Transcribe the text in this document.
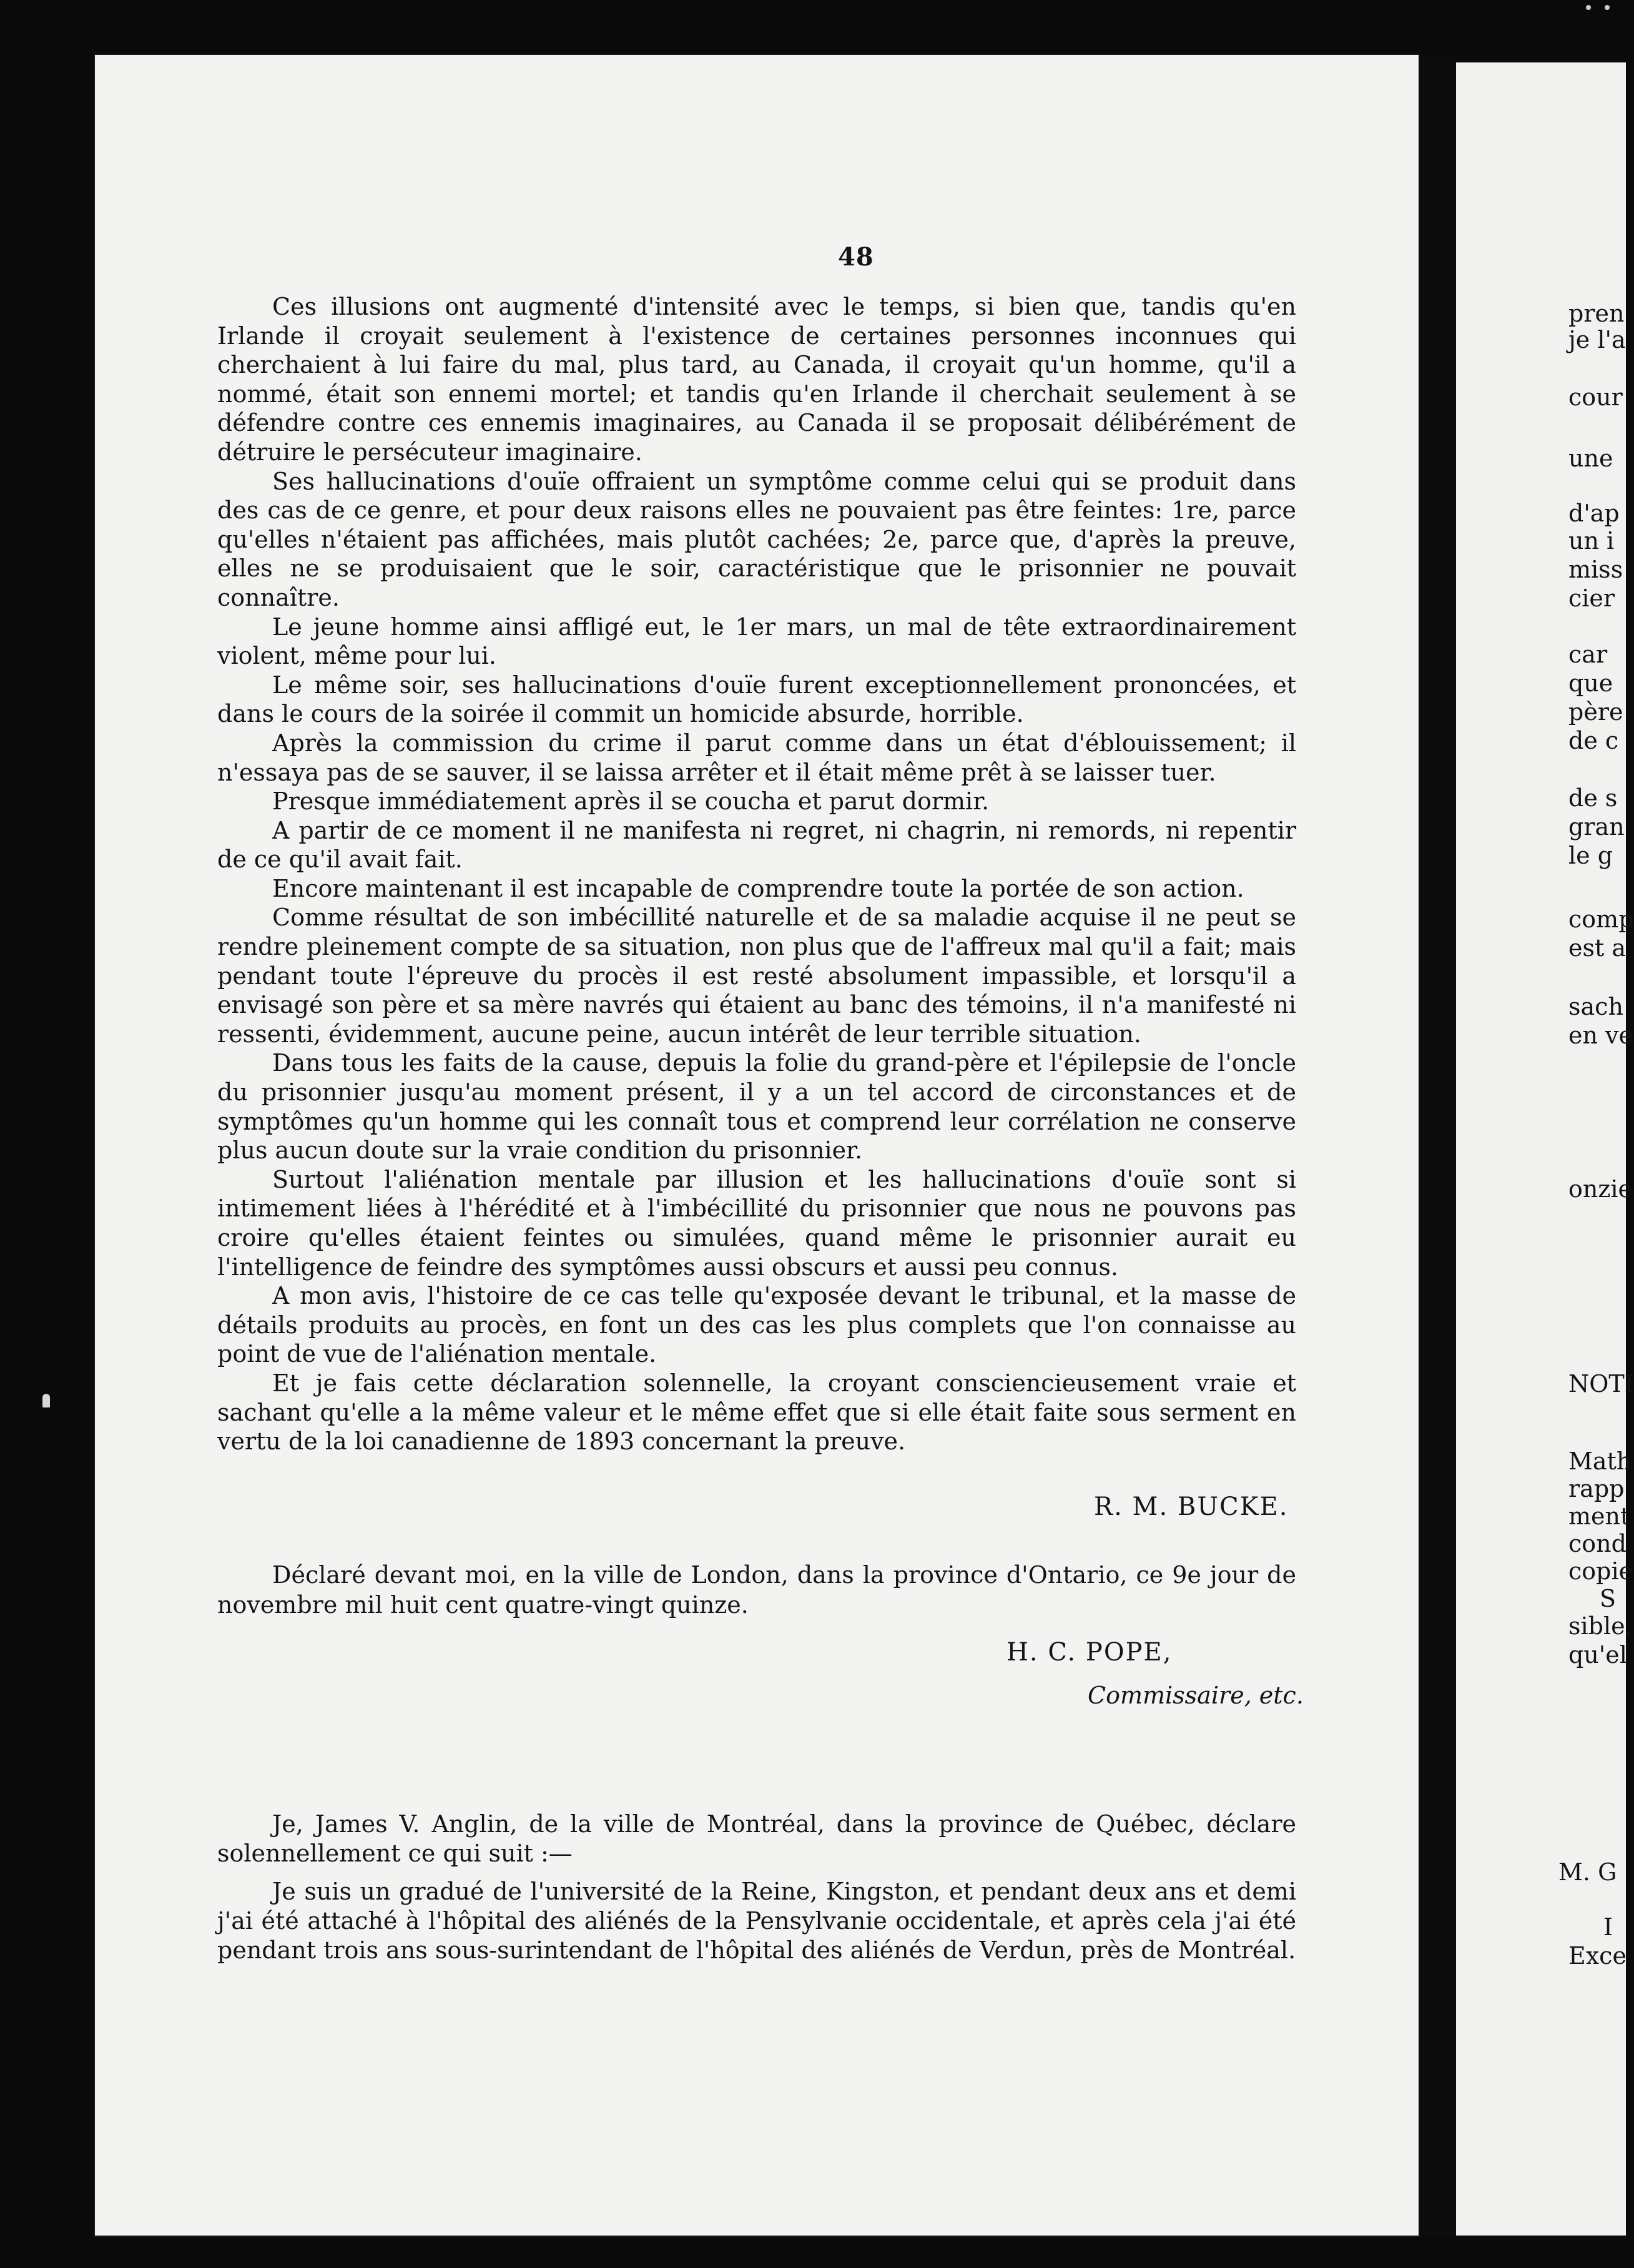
48

Ces illusions ont augmenté d'intensité avec le temps, si bien que, tandis qu'en Irlande il croyait seulement à l'existence de certaines personnes inconnues qui cherchaient à lui faire du mal, plus tard, au Canada, il croyait qu'un homme, qu'il a nommé, était son ennemi mortel; et tandis qu'en Irlande il cherchait seulement à se défendre contre ces ennemis imaginaires, au Canada il se proposait délibérément de détruire le persécuteur imaginaire.

Ses hallucinations d'ouïe offraient un symptôme comme celui qui se produit dans des cas de ce genre, et pour deux raisons elles ne pouvaient pas être feintes: 1re, parce qu'elles n'étaient pas affichées, mais plutôt cachées; 2e, parce que, d'après la preuve, elles ne se produisaient que le soir, caractéristique que le prisonnier ne pouvait connaître.

Le jeune homme ainsi affligé eut, le 1er mars, un mal de tête extraordinairement violent, même pour lui.

Le même soir, ses hallucinations d'ouïe furent exceptionnellement prononcées, et dans le cours de la soirée il commit un homicide absurde, horrible.

Après la commission du crime il parut comme dans un état d'éblouissement; il n'essaya pas de se sauver, il se laissa arrêter et il était même prêt à se laisser tuer.

Presque immédiatement après il se coucha et parut dormir.

A partir de ce moment il ne manifesta ni regret, ni chagrin, ni remords, ni repentir de ce qu'il avait fait.

Encore maintenant il est incapable de comprendre toute la portée de son action.

Comme résultat de son imbécillité naturelle et de sa maladie acquise il ne peut se rendre pleinement compte de sa situation, non plus que de l'affreux mal qu'il a fait; mais pendant toute l'épreuve du procès il est resté absolument impassible, et lorsqu'il a envisagé son père et sa mère navrés qui étaient au banc des témoins, il n'a manifesté ni ressenti, évidemment, aucune peine, aucun intérêt de leur terrible situation.

Dans tous les faits de la cause, depuis la folie du grand-père et l'épilepsie de l'oncle du prisonnier jusqu'au moment présent, il y a un tel accord de circonstances et de symptômes qu'un homme qui les connaît tous et comprend leur corrélation ne conserve plus aucun doute sur la vraie condition du prisonnier.

Surtout l'aliénation mentale par illusion et les hallucinations d'ouïe sont si intimement liées à l'hérédité et à l'imbécillité du prisonnier que nous ne pouvons pas croire qu'elles étaient feintes ou simulées, quand même le prisonnier aurait eu l'intelligence de feindre des symptômes aussi obscurs et aussi peu connus.

A mon avis, l'histoire de ce cas telle qu'exposée devant le tribunal, et la masse de détails produits au procès, en font un des cas les plus complets que l'on connaisse au point de vue de l'aliénation mentale.

Et je fais cette déclaration solennelle, la croyant consciencieusement vraie et sachant qu'elle a la même valeur et le même effet que si elle était faite sous serment en vertu de la loi canadienne de 1893 concernant la preuve.

R. M. BUCKE.

Déclaré devant moi, en la ville de London, dans la province d'Ontario, ce 9e jour de novembre mil huit cent quatre-vingt quinze.

H. C. POPE,
Commissaire, etc.

Je, James V. Anglin, de la ville de Montréal, dans la province de Québec, déclare solennellement ce qui suit :—

Je suis un gradué de l'université de la Reine, Kingston, et pendant deux ans et demi j'ai été attaché à l'hôpital des aliénés de la Pensylvanie occidentale, et après cela j'ai été pendant trois ans sous-surintendant de l'hôpital des aliénés de Verdun, près de Montréal.

pren
je l'a
cour
une
d'ap
un i
miss
cier
car
que
père
de c
de s
gran
le g
comp
est a
sach
en ve
onzie
NOTI
Math
rapp
ment
cond
copie
S
sible,
qu'el
M. G
I
Exce
